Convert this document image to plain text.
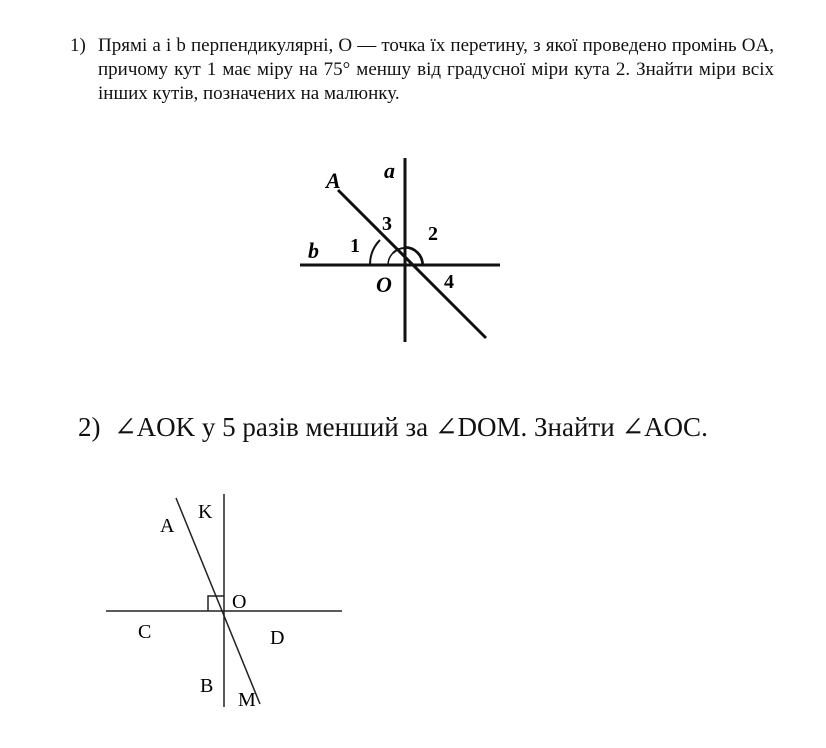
1) Прямі a і b перпендикулярні, O — точка їх перетину, з якої проведено промінь OA, причому кут 1 має міру на 75° меншу від градусної міри кута 2. Знайти міри всіх інших кутів, позначених на малюнку.
A a
b
O
1
2
3
4
2) ∠AOK у 5 разів менший за ∠DOM. Знайти ∠AOC.
A
K
O
C	D
B
M
